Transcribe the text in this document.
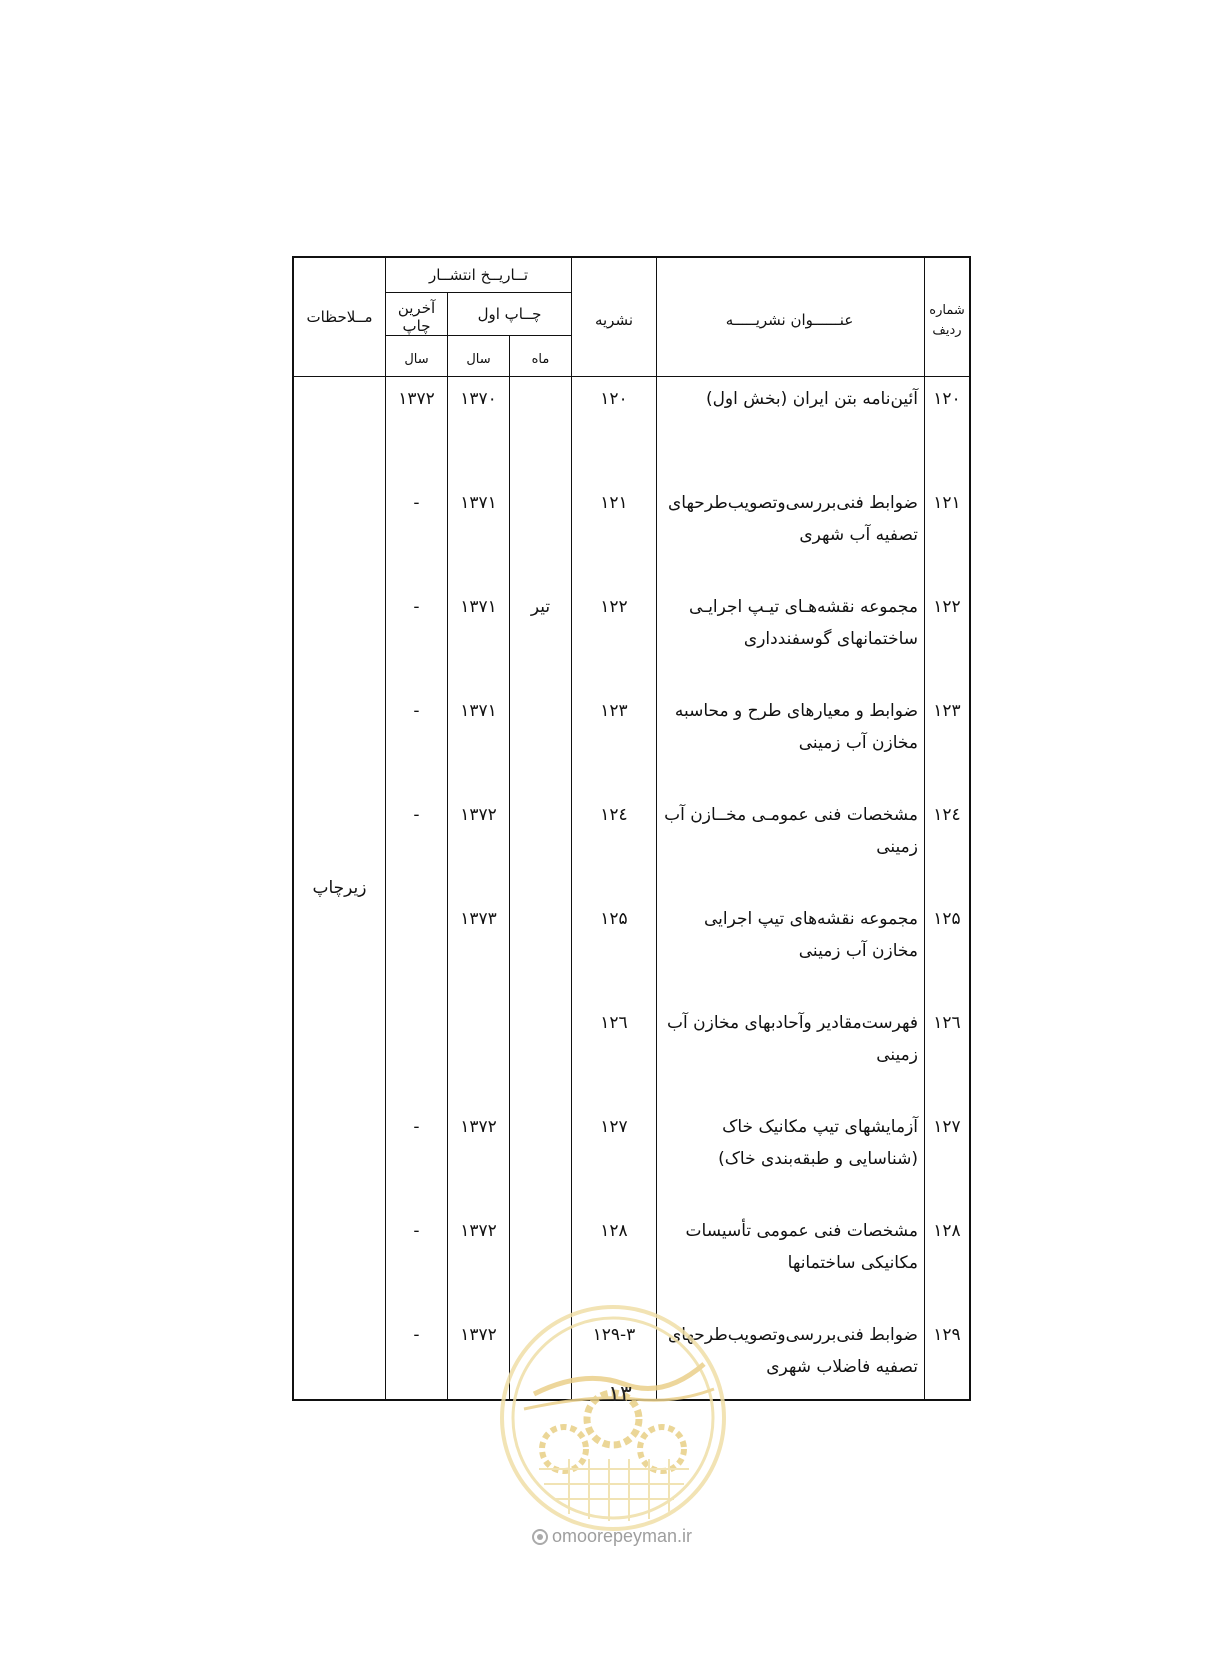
شماره
ردیف	عنــــــوان نشریـــــه	نشریه	تــاریــخ انتشــار			مــلاحظات
			چــاپ اول		آخرین
چاپ	
			ماه	سال	سال	
۱۲۰	آئین‌نامه بتن ایران (بخش اول)	۱۲۰		۱۳۷۰	۱۳۷۲	زیرچاپ
۱۲۱	ضوابط فنی‌بررسی‌وتصویب‌طرحهای تصفیه آب شهری	۱۲۱		۱۳۷۱	-	
۱۲۲	مجموعه نقشه‌هـای تیـپ اجرایـی ساختمانهای گوسفندداری	۱۲۲	تیر	۱۳۷۱	-	
۱۲۳	ضوابط و معیارهای طرح و محاسبه مخازن آب زمینی	۱۲۳		۱۳۷۱	-	
۱۲٤	مشخصات فنی عمومـی مخــازن آب زمینی	۱۲٤		۱۳۷۲	-	
۱۲۵	مجموعه نقشه‌های تیپ اجرایی مخازن آب زمینی	۱۲۵		۱۳۷۳		
۱۲٦	فهرست‌مقادیر وآحادبهای مخازن آب زمینی	۱۲٦				
۱۲۷	آزمایشهای تیپ مکانیک خاک (شناسایی و طبقه‌بندی خاک)	۱۲۷		۱۳۷۲	-	
۱۲۸	مشخصات فنی عمومی تأسیسات مکانیکی ساختمانها	۱۲۸		۱۳۷۲	-	
۱۲۹	ضوابط فنی‌بررسی‌وتصویب‌طرحهای تصفیه فاضلاب شهری	۱۲۹-۳		۱۳۷۲	-	
۱۳
omoorepeyman.ir
